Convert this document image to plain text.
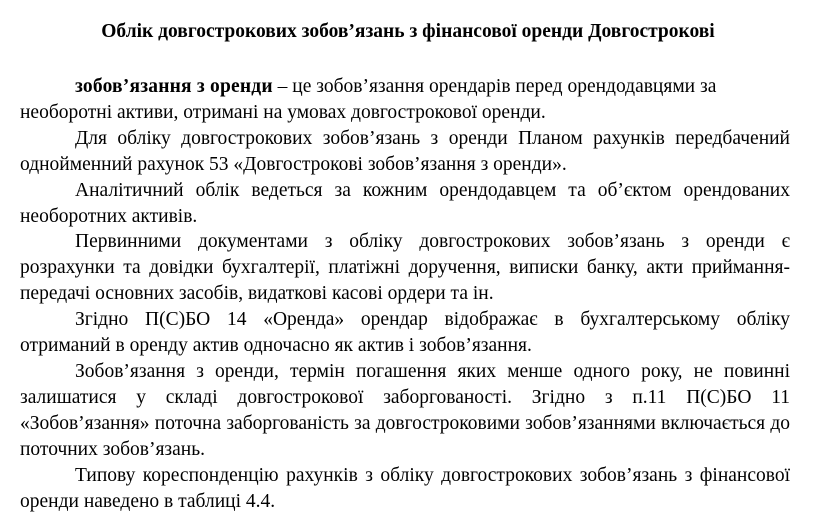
Облік довгострокових зобов’язань з фінансової оренди Довгострокові

зобов’язання з оренди – це зобов’язання орендарів перед орендодавцями за необоротні активи, отримані на умовах довгострокової оренди.

Для обліку довгострокових зобов’язань з оренди Планом рахунків передбачений однойменний рахунок 53 «Довгострокові зобов’язання з оренди».

Аналітичний облік ведеться за кожним орендодавцем та об’єктом орендованих необоротних активів.

Первинними документами з обліку довгострокових зобов’язань з оренди є розрахунки та довідки бухгалтерії, платіжні доручення, виписки банку, акти приймання-передачі основних засобів, видаткові касові ордери та ін.

Згідно П(С)БО 14 «Оренда» орендар відображає в бухгалтерському обліку отриманий в оренду актив одночасно як актив і зобов’язання.

Зобов’язання з оренди, термін погашення яких менше одного року, не повинні залишатися у складі довгострокової заборгованості. Згідно з п.11 П(С)БО 11 «Зобов’язання» поточна заборгованість за довгостроковими зобов’язаннями включається до поточних зобов’язань.

Типову кореспонденцію рахунків з обліку довгострокових зобов’язань з фінансової оренди наведено в таблиці 4.4.
